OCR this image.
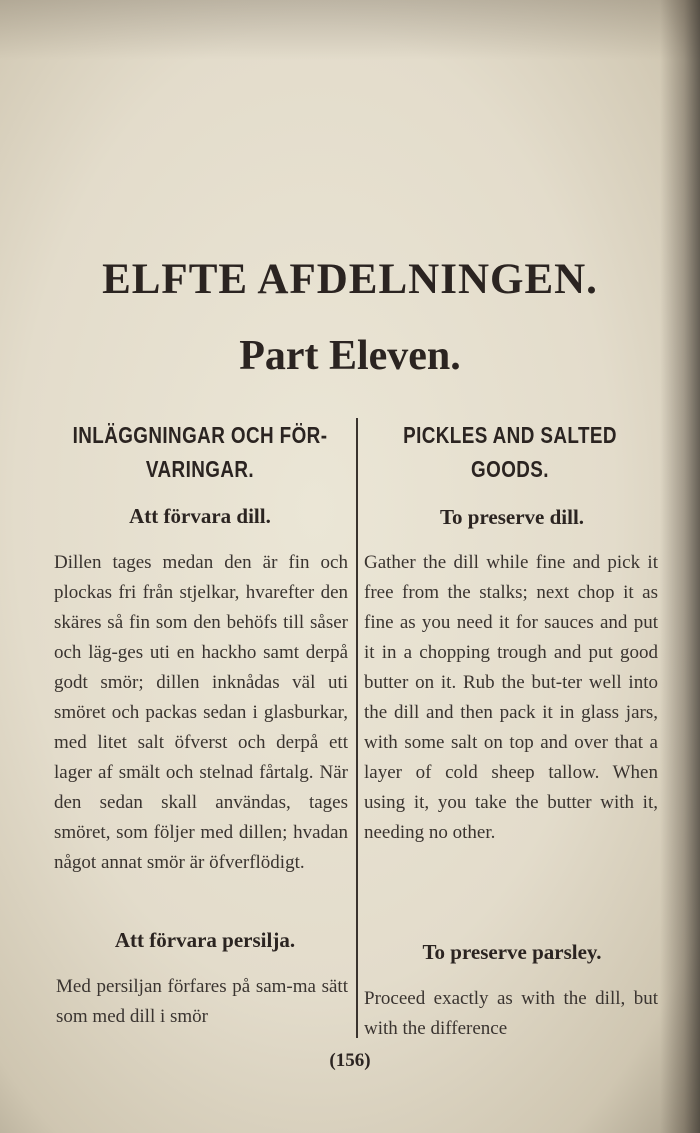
ELFTE AFDELNINGEN.
Part Eleven.
INLÄGGNINGAR OCH FÖR-VARINGAR.
Att förvara dill.

Dillen tages medan den är fin och plockas fri från stjelkar, hvarefter den skäres så fin som den behöfs till såser och läg-ges uti en hackho samt derpå godt smör; dillen inknådas väl uti smöret och packas sedan i glasburkar, med litet salt öfverst och derpå ett lager af smält och stelnad fårtalg. När den sedan skall användas, tages smöret, som följer med dillen; hvadan något annat smör är öfverflödigt.

Att förvara persilja.

Med persiljan förfares på sam-ma sätt som med dill i smör

PICKLES AND SALTED GOODS.
To preserve dill.

Gather the dill while fine and pick it free from the stalks; next chop it as fine as you need it for sauces and put it in a chopping trough and put good butter on it. Rub the but-ter well into the dill and then pack it in glass jars, with some salt on top and over that a layer of cold sheep tallow. When using it, you take the butter with it, needing no other.

To preserve parsley.

Proceed exactly as with the dill, but with the difference

(156)
